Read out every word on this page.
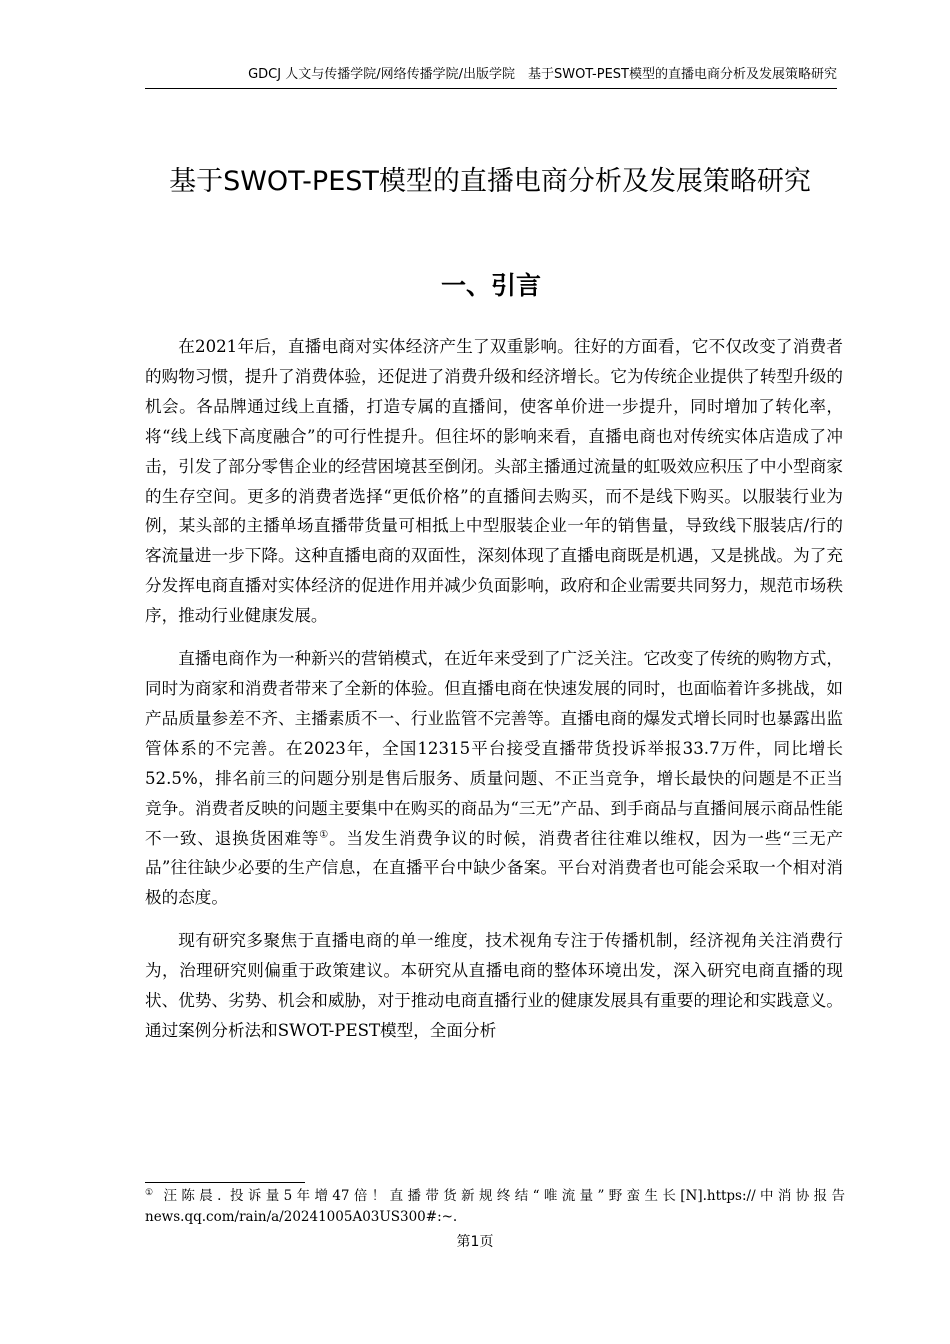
GDCJ 人文与传播学院/网络传播学院/出版学院　基于SWOT-PEST模型的直播电商分析及发展策略研究
基于SWOT-PEST模型的直播电商分析及发展策略研究
一、引言

在2021年后，直播电商对实体经济产生了双重影响。往好的方面看，它不仅改变了消费者的购物习惯，提升了消费体验，还促进了消费升级和经济增长。它为传统企业提供了转型升级的机会。各品牌通过线上直播，打造专属的直播间，使客单价进一步提升，同时增加了转化率，将“线上线下高度融合”的可行性提升。但往坏的影响来看，直播电商也对传统实体店造成了冲击，引发了部分零售企业的经营困境甚至倒闭。头部主播通过流量的虹吸效应积压了中小型商家的生存空间。更多的消费者选择“更低价格”的直播间去购买，而不是线下购买。以服装行业为例，某头部的主播单场直播带货量可相抵上中型服装企业一年的销售量，导致线下服装店/行的客流量进一步下降。这种直播电商的双面性，深刻体现了直播电商既是机遇，又是挑战。为了充分发挥电商直播对实体经济的促进作用并减少负面影响，政府和企业需要共同努力，规范市场秩序，推动行业健康发展。

直播电商作为一种新兴的营销模式，在近年来受到了广泛关注。它改变了传统的购物方式，同时为商家和消费者带来了全新的体验。但直播电商在快速发展的同时，也面临着许多挑战，如产品质量参差不齐、主播素质不一、行业监管不完善等。直播电商的爆发式增长同时也暴露出监管体系的不完善。在2023年，全国12315平台接受直播带货投诉举报33.7万件，同比增长52.5%，排名前三的问题分别是售后服务、质量问题、不正当竞争，增长最快的问题是不正当竞争。消费者反映的问题主要集中在购买的商品为“三无”产品、到手商品与直播间展示商品性能不一致、退换货困难等①。当发生消费争议的时候，消费者往往难以维权，因为一些“三无产品”往往缺少必要的生产信息，在直播平台中缺少备案。平台对消费者也可能会采取一个相对消极的态度。

现有研究多聚焦于直播电商的单一维度，技术视角专注于传播机制，经济视角关注消费行为，治理研究则偏重于政策建议。本研究从直播电商的整体环境出发，深入研究电商直播的现状、优势、劣势、机会和威胁，对于推动电商直播行业的健康发展具有重要的理论和实践意义。通过案例分析法和SWOT-PEST模型，全面分析

① 汪陈晨. 投诉量5年增47倍！直播带货新规终结“唯流量”野蛮生长[N].https://中消协报告news.qq.com/rain/a/20241005A03US300#:~.
第1页
